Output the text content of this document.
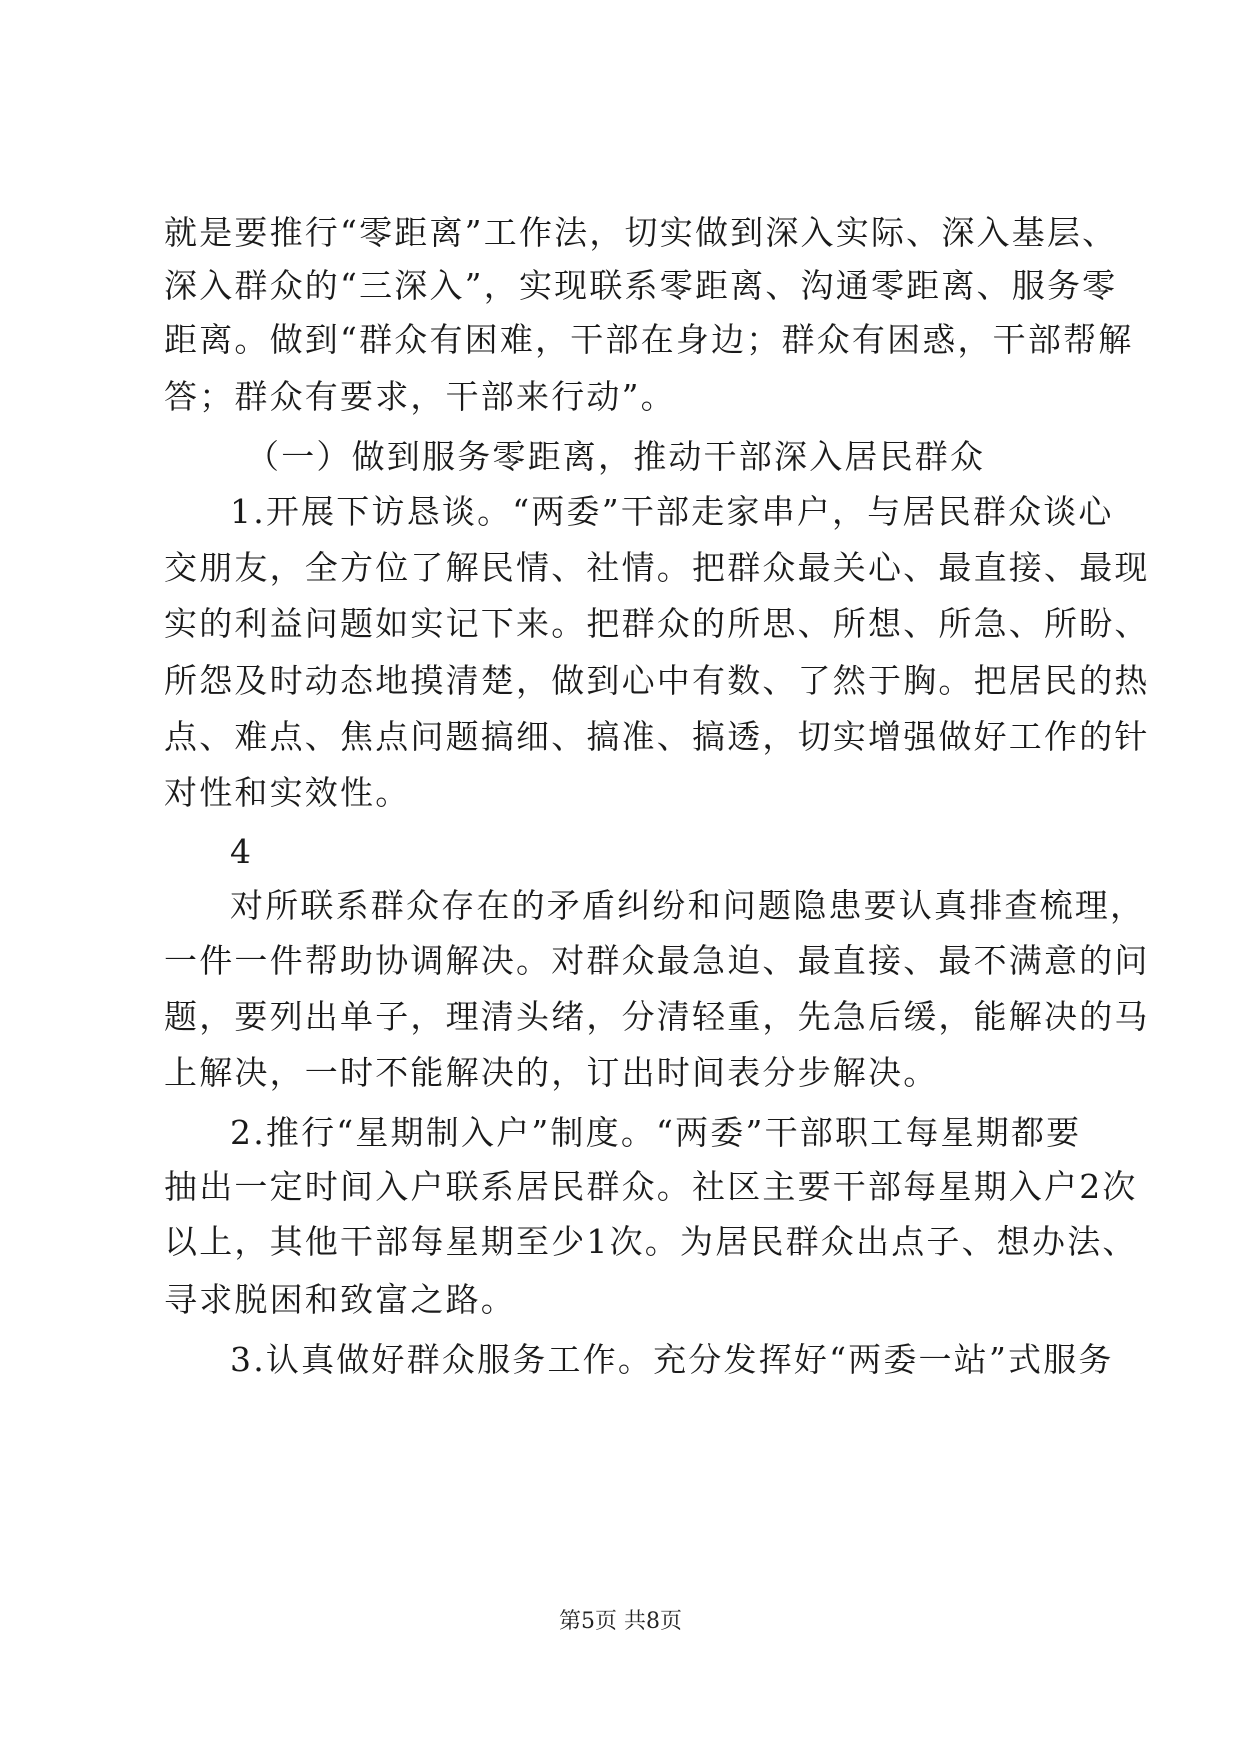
就是要推行“零距离”工作法，切实做到深入实际、深入基层、
深入群众的“三深入”，实现联系零距离、沟通零距离、服务零
距离。做到“群众有困难，干部在身边；群众有困惑，干部帮解
答；群众有要求，干部来行动”。
（一）做到服务零距离，推动干部深入居民群众
1.开展下访恳谈。“两委”干部走家串户，与居民群众谈心
交朋友，全方位了解民情、社情。把群众最关心、最直接、最现
实的利益问题如实记下来。把群众的所思、所想、所急、所盼、
所怨及时动态地摸清楚，做到心中有数、了然于胸。把居民的热
点、难点、焦点问题搞细、搞准、搞透，切实增强做好工作的针
对性和实效性。
4
对所联系群众存在的矛盾纠纷和问题隐患要认真排查梳理，
一件一件帮助协调解决。对群众最急迫、最直接、最不满意的问
题，要列出单子，理清头绪，分清轻重，先急后缓，能解决的马
上解决，一时不能解决的，订出时间表分步解决。
2.推行“星期制入户”制度。“两委”干部职工每星期都要
抽出一定时间入户联系居民群众。社区主要干部每星期入户2次
以上，其他干部每星期至少1次。为居民群众出点子、想办法、
寻求脱困和致富之路。
3.认真做好群众服务工作。充分发挥好“两委一站”式服务
第5页 共8页
